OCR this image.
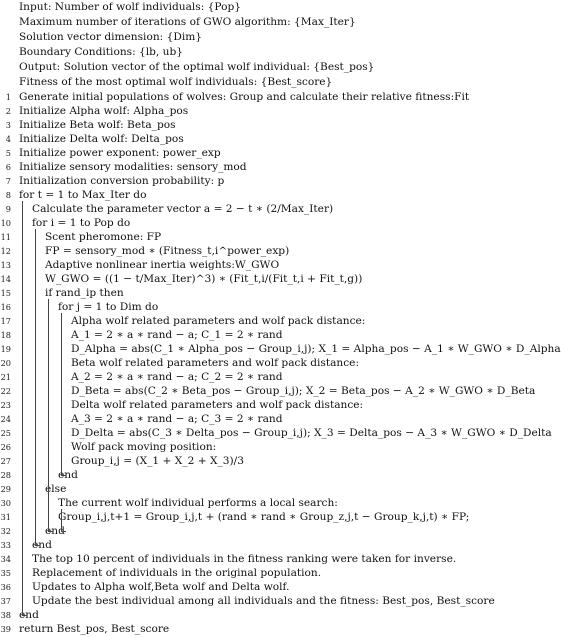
Input: Number of wolf individuals: {Pop}
Maximum number of iterations of GWO algorithm: {Max_Iter}
Solution vector dimension: {Dim}
Boundary Conditions: {lb, ub}
Output: Solution vector of the optimal wolf individual: {Best_pos}
Fitness of the most optimal wolf individuals: {Best_score}
1 Generate initial populations of wolves: Group and calculate their relative fitness:Fit
2 Initialize Alpha wolf: Alpha_pos
3 Initialize Beta wolf: Beta_pos
4 Initialize Delta wolf: Delta_pos
5 Initialize power exponent: power_exp
6 Initialize sensory modalities: sensory_mod
7 Initialization conversion probability: p
8 for t = 1 to Max_Iter do
9 Calculate the parameter vector a = 2 − t ∗ (2/Max_Iter)
10 for i = 1 to Pop do
11	Scent pheromone: FP
12	FP = sensory_mod ∗ (Fitness_t,i^power_exp)
13	Adaptive nonlinear inertia weights:W_GWO
14	W_GWO = ((1 − t/Max_Iter)^3) ∗ (Fit_t,i/(Fit_t,i + Fit_t,g))
15	if rand_ip then
16	for j = 1 to Dim do
17	Alpha wolf related parameters and wolf pack distance:
18	A_1 = 2 ∗ a ∗ rand − a; C_1 = 2 ∗ rand
19	D_Alpha = abs(C_1 ∗ Alpha_pos − Group_i,j); X_1 = Alpha_pos − A_1 ∗ W_GWO ∗ D_Alpha
20	Beta wolf related parameters and wolf pack distance:
21	A_2 = 2 ∗ a ∗ rand − a; C_2 = 2 ∗ rand
22	D_Beta = abs(C_2 ∗ Beta_pos − Group_i,j); X_2 = Beta_pos − A_2 ∗ W_GWO ∗ D_Beta
23	Delta wolf related parameters and wolf pack distance:
24	A_3 = 2 ∗ a ∗ rand − a; C_3 = 2 ∗ rand
25	D_Delta = abs(C_3 ∗ Delta_pos − Group_i,j); X_3 = Delta_pos − A_3 ∗ W_GWO ∗ D_Delta
26	Wolf pack moving position:
27	Group_i,j = (X_1 + X_2 + X_3)/3
28	end
29	else
30	The current wolf individual performs a local search:
31	Group_i,j,t+1 = Group_i,j,t + (rand ∗ rand ∗ Group_z,j,t − Group_k,j,t) ∗ FP;
32	end
33 end
34 The top 10 percent of individuals in the fitness ranking were taken for inverse.
35 Replacement of individuals in the original population.
36 Updates to Alpha wolf,Beta wolf and Delta wolf.
37 Update the best individual among all individuals and the fitness: Best_pos, Best_score
38 end
39 return Best_pos, Best_score
